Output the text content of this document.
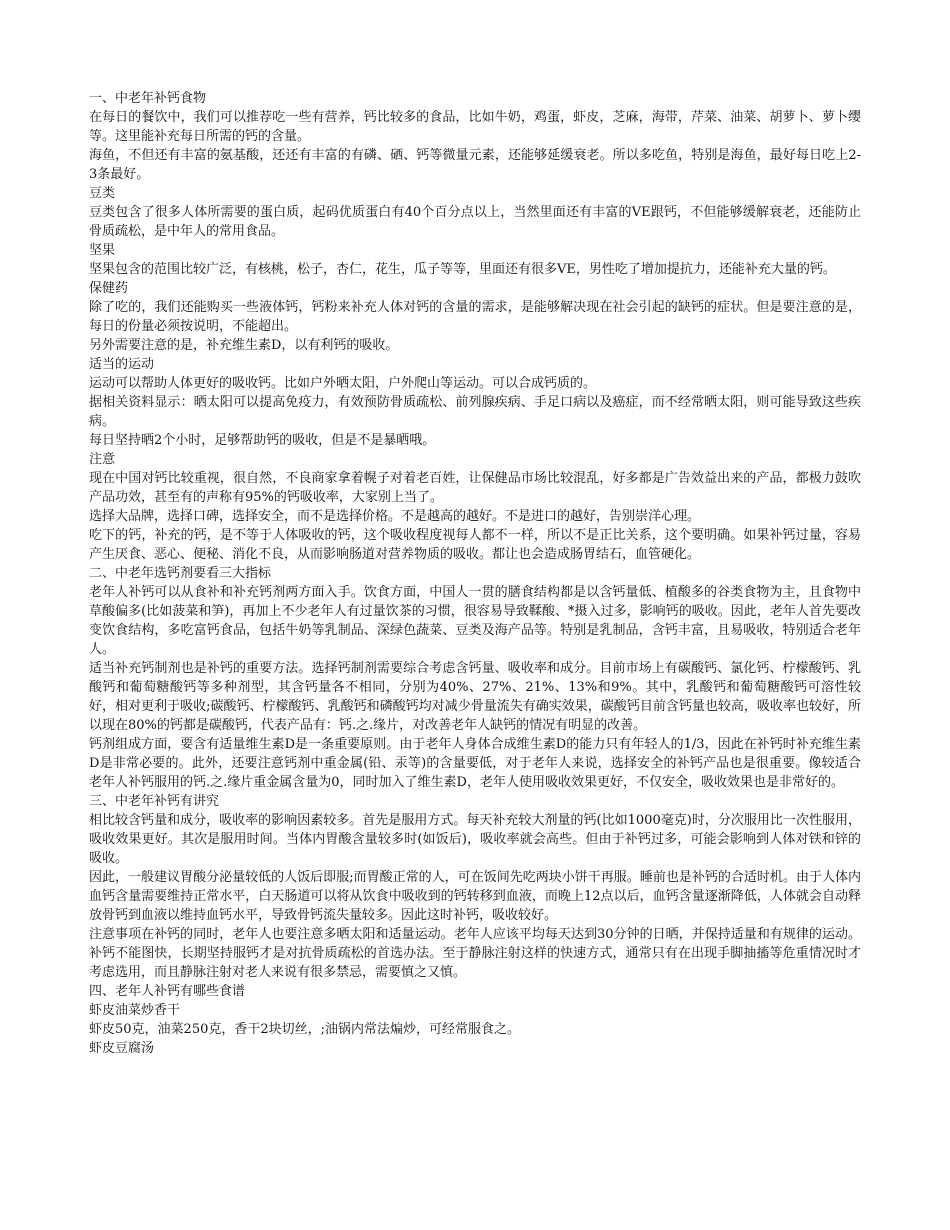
一、中老年补钙食物

在每日的餐饮中，我们可以推荐吃一些有营养，钙比较多的食品，比如牛奶，鸡蛋，虾皮，芝麻，海带，芹菜、油菜、胡萝卜、萝卜缨等。这里能补充每日所需的钙的含量。

海鱼，不但还有丰富的氨基酸，还还有丰富的有磷、硒、钙等微量元素，还能够延缓衰老。所以多吃鱼，特别是海鱼，最好每日吃上2-3条最好。

豆类

豆类包含了很多人体所需要的蛋白质，起码优质蛋白有40个百分点以上，当然里面还有丰富的VE跟钙，不但能够缓解衰老，还能防止骨质疏松，是中年人的常用食品。

坚果

坚果包含的范围比较广泛，有核桃，松子，杏仁，花生，瓜子等等，里面还有很多VE，男性吃了增加提抗力，还能补充大量的钙。

保健药

除了吃的，我们还能购买一些液体钙，钙粉来补充人体对钙的含量的需求，是能够解决现在社会引起的缺钙的症状。但是要注意的是，每日的份量必须按说明，不能超出。

另外需要注意的是，补充维生素D，以有利钙的吸收。

适当的运动

运动可以帮助人体更好的吸收钙。比如户外晒太阳，户外爬山等运动。可以合成钙质的。

据相关资料显示：晒太阳可以提高免疫力，有效预防骨质疏松、前列腺疾病、手足口病以及癌症，而不经常晒太阳，则可能导致这些疾病。

每日坚持晒2个小时，足够帮助钙的吸收，但是不是暴晒哦。

注意

现在中国对钙比较重视，很自然，不良商家拿着幌子对着老百姓，让保健品市场比较混乱，好多都是广告效益出来的产品，都极力鼓吹产品功效，甚至有的声称有95%的钙吸收率，大家别上当了。

选择大品牌，选择口碑，选择安全，而不是选择价格。不是越高的越好。不是进口的越好，告别崇洋心理。

吃下的钙，补充的钙，是不等于人体吸收的钙，这个吸收程度视每人都不一样，所以不是正比关系，这个要明确。如果补钙过量，容易产生厌食、恶心、便秘、消化不良，从而影响肠道对营养物质的吸收。都让也会造成肠胃结石，血管硬化。

二、中老年选钙剂要看三大指标

老年人补钙可以从食补和补充钙剂两方面入手。饮食方面，中国人一贯的膳食结构都是以含钙量低、植酸多的谷类食物为主，且食物中草酸偏多(比如菠菜和笋)，再加上不少老年人有过量饮茶的习惯，很容易导致鞣酸、*摄入过多，影响钙的吸收。因此，老年人首先要改变饮食结构，多吃富钙食品，包括牛奶等乳制品、深绿色蔬菜、豆类及海产品等。特别是乳制品，含钙丰富，且易吸收，特别适合老年人。

适当补充钙制剂也是补钙的重要方法。选择钙制剂需要综合考虑含钙量、吸收率和成分。目前市场上有碳酸钙、氯化钙、柠檬酸钙、乳酸钙和葡萄糖酸钙等多种剂型，其含钙量各不相同，分别为40%、27%、21%、13%和9%。其中，乳酸钙和葡萄糖酸钙可溶性较好，相对更利于吸收;碳酸钙、柠檬酸钙、乳酸钙和磷酸钙均对减少骨量流失有确实效果，碳酸钙目前含钙量也较高，吸收率也较好，所以现在80%的钙都是碳酸钙，代表产品有：钙.之.缘片，对改善老年人缺钙的情况有明显的改善。

钙剂组成方面，要含有适量维生素D是一条重要原则。由于老年人身体合成维生素D的能力只有年轻人的1/3，因此在补钙时补充维生素D是非常必要的。此外，还要注意钙剂中重金属(铅、汞等)的含量要低，对于老年人来说，选择安全的补钙产品也是很重要。像较适合老年人补钙服用的钙.之.缘片重金属含量为0，同时加入了维生素D，老年人使用吸收效果更好，不仅安全，吸收效果也是非常好的。

三、中老年补钙有讲究

相比较含钙量和成分，吸收率的影响因素较多。首先是服用方式。每天补充较大剂量的钙(比如1000毫克)时，分次服用比一次性服用，吸收效果更好。其次是服用时间。当体内胃酸含量较多时(如饭后)，吸收率就会高些。但由于补钙过多，可能会影响到人体对铁和锌的吸收。

因此，一般建议胃酸分泌量较低的人饭后即服;而胃酸正常的人，可在饭间先吃两块小饼干再服。睡前也是补钙的合适时机。由于人体内血钙含量需要维持正常水平，白天肠道可以将从饮食中吸收到的钙转移到血液，而晚上12点以后，血钙含量逐渐降低，人体就会自动释放骨钙到血液以维持血钙水平，导致骨钙流失量较多。因此这时补钙，吸收较好。

注意事项在补钙的同时，老年人也要注意多晒太阳和适量运动。老年人应该平均每天达到30分钟的日晒，并保持适量和有规律的运动。补钙不能图快，长期坚持服钙才是对抗骨质疏松的首选办法。至于静脉注射这样的快速方式，通常只有在出现手脚抽搐等危重情况时才考虑选用，而且静脉注射对老人来说有很多禁忌，需要慎之又慎。

四、老年人补钙有哪些食谱

虾皮油菜炒香干

虾皮50克，油菜250克，香干2块切丝，;油锅内常法煸炒，可经常服食之。

虾皮豆腐汤
